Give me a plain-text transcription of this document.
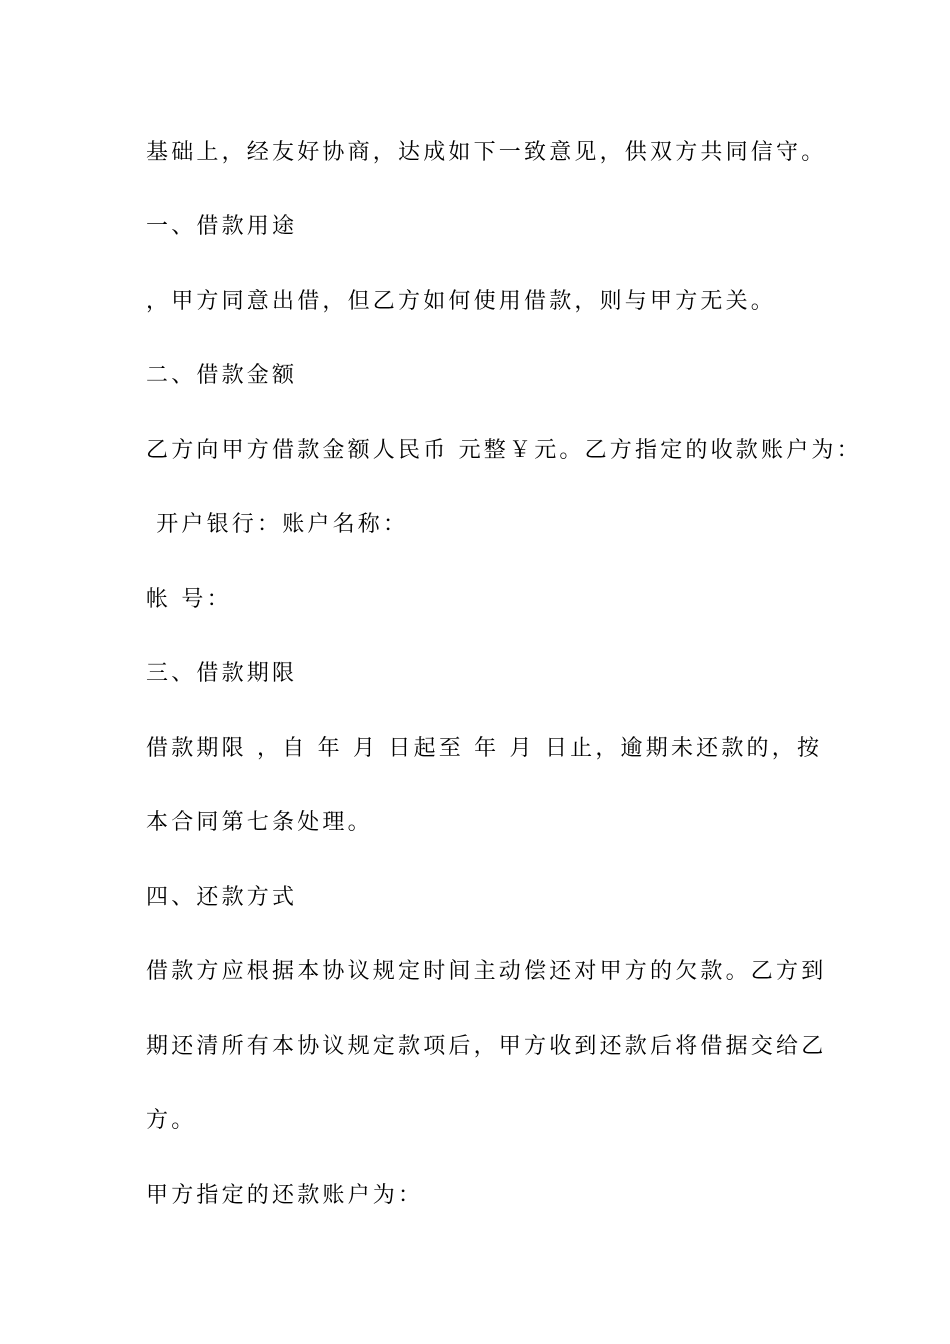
基础上，经友好协商，达成如下一致意见，供双方共同信守。
一、借款用途
，甲方同意出借，但乙方如何使用借款，则与甲方无关。
二、借款金额
乙方向甲方借款金额人民币 元整￥元。乙方指定的收款账户为：
开户银行：账户名称：
帐 号：
三、借款期限
借款期限 ，自 年 月 日起至 年 月 日止，逾期未还款的，按
本合同第七条处理。
四、还款方式
借款方应根据本协议规定时间主动偿还对甲方的欠款。乙方到
期还清所有本协议规定款项后，甲方收到还款后将借据交给乙
方。
甲方指定的还款账户为：
